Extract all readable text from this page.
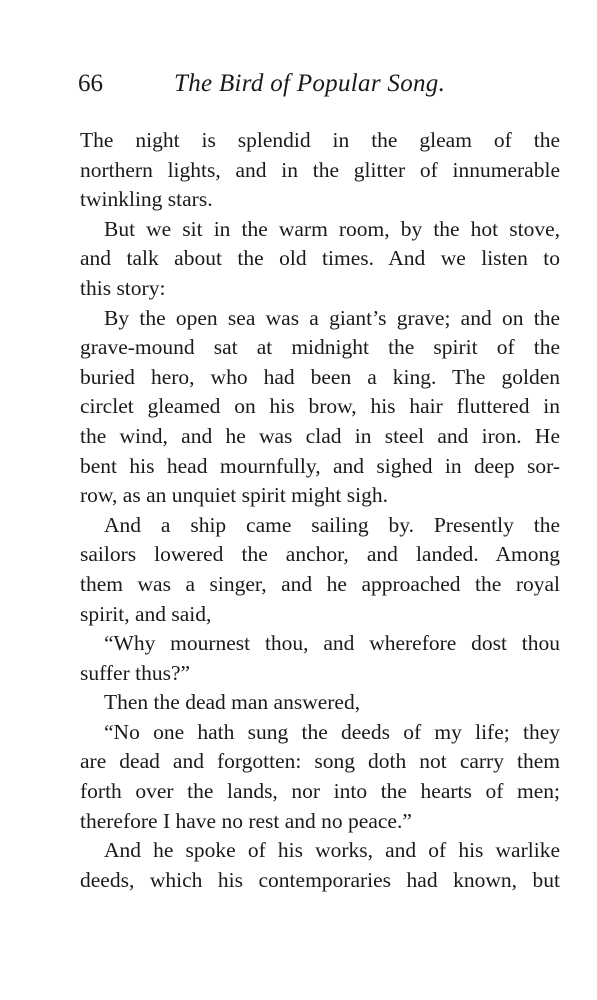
66	The Bird of Popular Song.
The night is splendid in the gleam of the
northern lights, and in the glitter of innumerable
twinkling stars.
But we sit in the warm room, by the hot stove,
and talk about the old times. And we listen to
this story:
By the open sea was a giant’s grave; and on the
grave-mound sat at midnight the spirit of the
buried hero, who had been a king. The golden
circlet gleamed on his brow, his hair fluttered in
the wind, and he was clad in steel and iron. He
bent his head mournfully, and sighed in deep sor-
row, as an unquiet spirit might sigh.
And a ship came sailing by. Presently the
sailors lowered the anchor, and landed. Among
them was a singer, and he approached the royal
spirit, and said,
“Why mournest thou, and wherefore dost thou
suffer thus?”
Then the dead man answered,
“No one hath sung the deeds of my life; they
are dead and forgotten: song doth not carry them
forth over the lands, nor into the hearts of men;
therefore I have no rest and no peace.”
And he spoke of his works, and of his warlike
deeds, which his contemporaries had known, but
